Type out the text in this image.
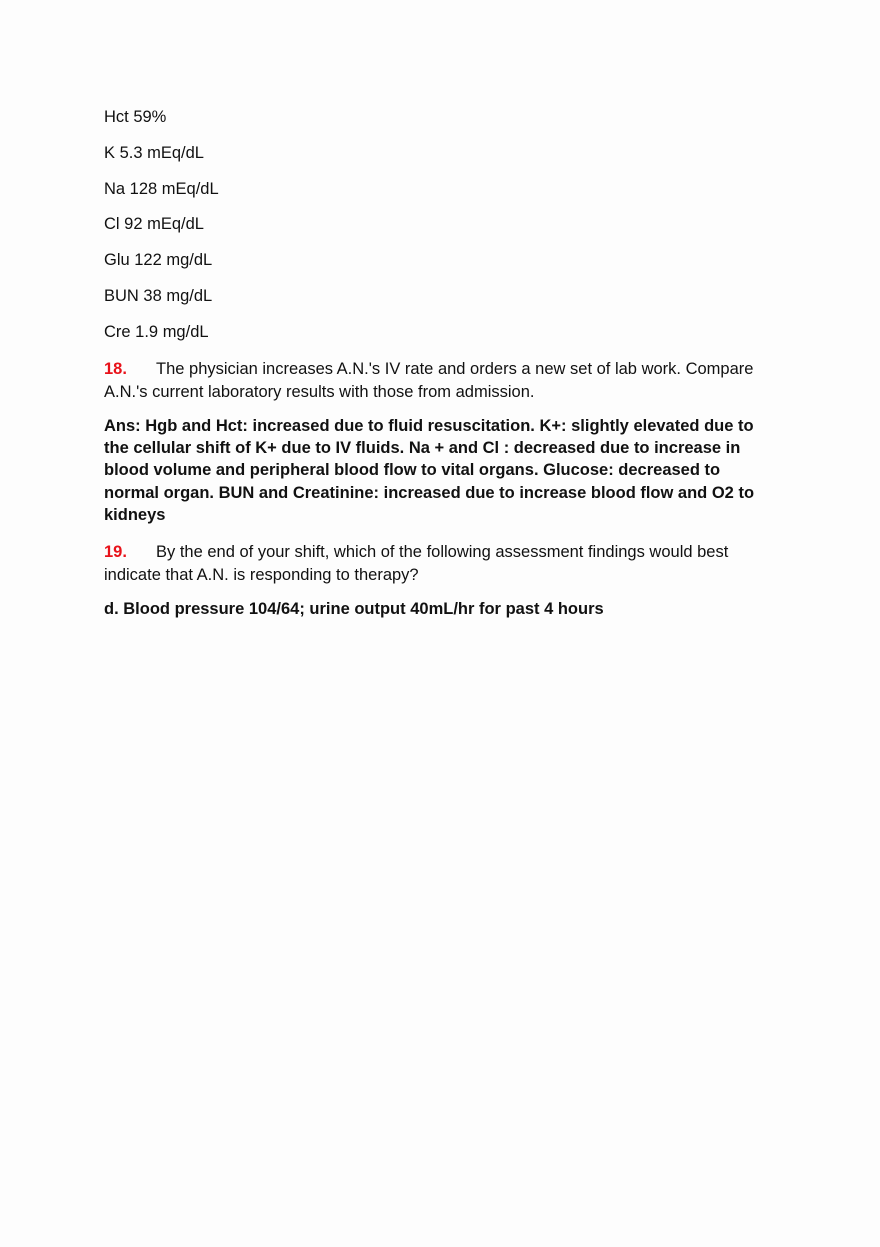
Hct 59%
K 5.3 mEq/dL
Na 128 mEq/dL
Cl 92 mEq/dL
Glu 122 mg/dL
BUN 38 mg/dL
Cre 1.9 mg/dL
18. The physician increases A.N.'s IV rate and orders a new set of lab work. Compare A.N.'s current laboratory results with those from admission.
Ans: Hgb and Hct: increased due to fluid resuscitation. K+: slightly elevated due to the cellular shift of K+ due to IV fluids. Na + and Cl : decreased due to increase in blood volume and peripheral blood flow to vital organs. Glucose: decreased to normal organ. BUN and Creatinine: increased due to increase blood flow and O2 to kidneys
19. By the end of your shift, which of the following assessment findings would best indicate that A.N. is responding to therapy?
d. Blood pressure 104/64; urine output 40mL/hr for past 4 hours
